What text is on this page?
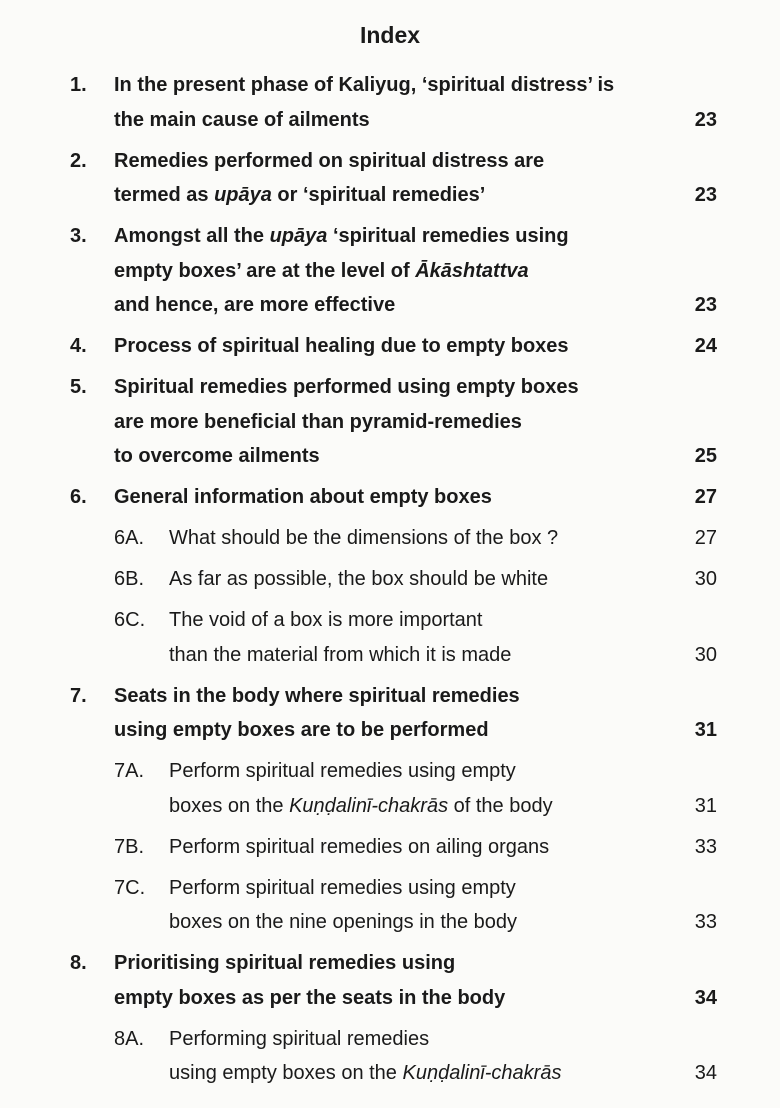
Index
1. In the present phase of Kaliyug, ‘spiritual distress’ is
the main cause of ailments	23
2. Remedies performed on spiritual distress are
termed as upāya or ‘spiritual remedies’	23
3. Amongst all the upāya ‘spiritual remedies using
empty boxes’ are at the level of Ākāshtattva
and hence, are more effective	23
4. Process of spiritual healing due to empty boxes	24
5. Spiritual remedies performed using empty boxes
are more beneficial than pyramid-remedies
to overcome ailments	25
6. General information about empty boxes	27
6A. What should be the dimensions of the box ?	27
6B. As far as possible, the box should be white	30
6C. The void of a box is more important
than the material from which it is made	30
7. Seats in the body where spiritual remedies
using empty boxes are to be performed	31
7A. Perform spiritual remedies using empty
boxes on the Kuṇḍalinī-chakrās of the body	31
7B. Perform spiritual remedies on ailing organs	33
7C. Perform spiritual remedies using empty
boxes on the nine openings in the body	33
8. Prioritising spiritual remedies using
empty boxes as per the seats in the body	34
8A. Performing spiritual remedies
using empty boxes on the Kuṇḍalinī-chakrās	34
